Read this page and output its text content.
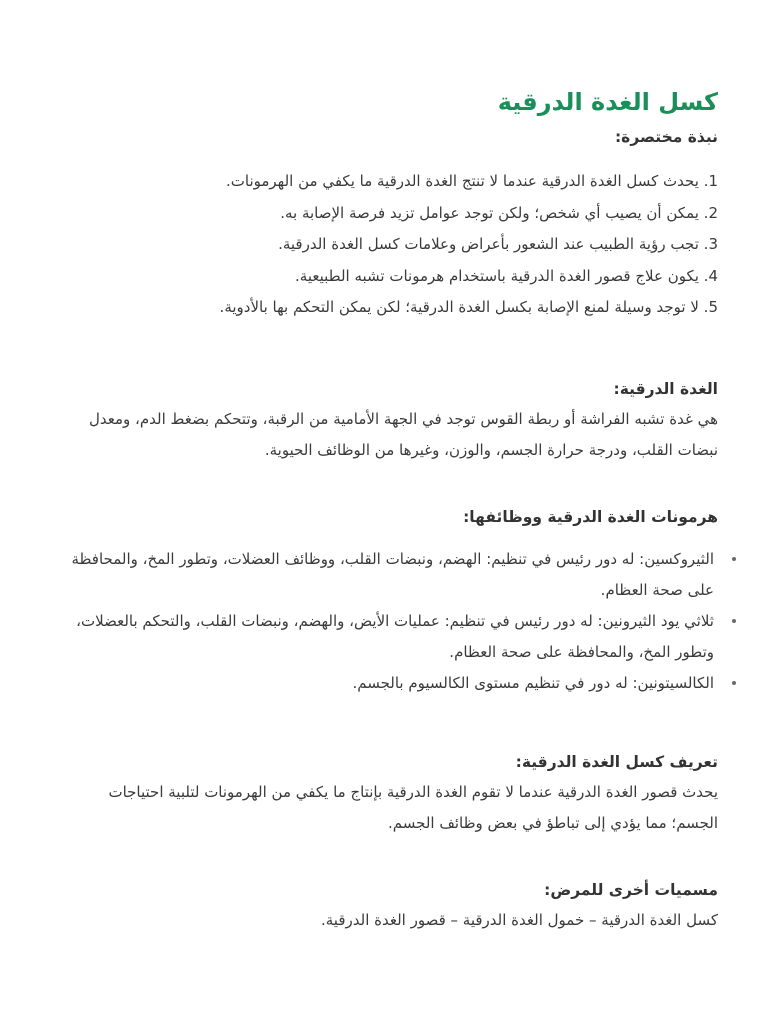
كسل الغدة الدرقية
نبذة مختصرة:
1. يحدث كسل الغدة الدرقية عندما لا تنتج الغدة الدرقية ما يكفي من الهرمونات.
2. يمكن أن يصيب أي شخص؛ ولكن توجد عوامل تزيد فرصة الإصابة به.
3. تجب رؤية الطبيب عند الشعور بأعراض وعلامات كسل الغدة الدرقية.
4. يكون علاج قصور الغدة الدرقية باستخدام هرمونات تشبه الطبيعية.
5. لا توجد وسيلة لمنع الإصابة بكسل الغدة الدرقية؛ لكن يمكن التحكم بها بالأدوية.
الغدة الدرقية:

هي غدة تشبه الفراشة أو ربطة القوس توجد في الجهة الأمامية من الرقبة، وتتحكم بضغط الدم، ومعدل نبضات القلب، ودرجة حرارة الجسم، والوزن، وغيرها من الوظائف الحيوية.

هرمونات الغدة الدرقية ووظائفها:
الثيروكسين: له دور رئيس في تنظيم: الهضم، ونبضات القلب، ووظائف العضلات، وتطور المخ، والمحافظة على صحة العظام.
ثلاثي يود الثيرونين: له دور رئيس في تنظيم: عمليات الأيض، والهضم، ونبضات القلب، والتحكم بالعضلات، وتطور المخ، والمحافظة على صحة العظام.
الكالسيتونين: له دور في تنظيم مستوى الكالسيوم بالجسم.
تعريف كسل الغدة الدرقية:

يحدث قصور الغدة الدرقية عندما لا تقوم الغدة الدرقية بإنتاج ما يكفي من الهرمونات لتلبية احتياجات الجسم؛ مما يؤدي إلى تباطؤ في بعض وظائف الجسم.

مسميات أخرى للمرض:

كسل الغدة الدرقية – خمول الغدة الدرقية – قصور الغدة الدرقية.
